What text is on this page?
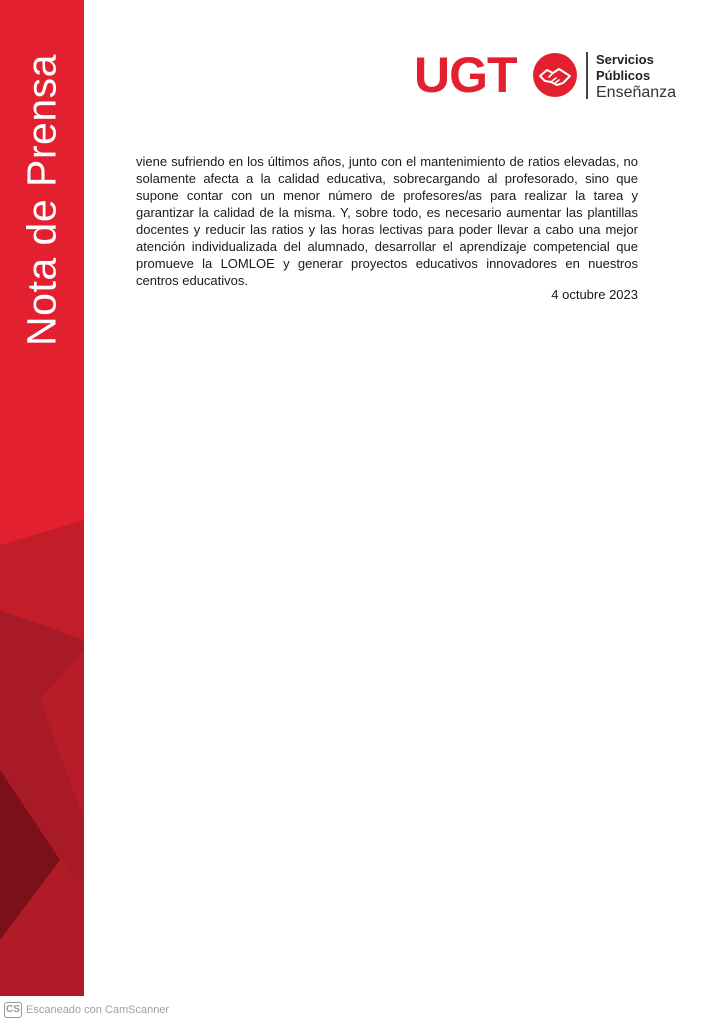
Nota de Prensa	UGT	Servicios
Públicos
Enseñanza

viene sufriendo en los últimos años, junto con el mantenimiento de ratios elevadas, no solamente afecta a la calidad educativa, sobrecargando al profesorado, sino que supone contar con un menor número de profesores/as para realizar la tarea y garantizar la calidad de la misma. Y, sobre todo, es necesario aumentar las plantillas docentes y reducir las ratios y las horas lectivas para poder llevar a cabo una mejor atención individualizada del alumnado, desarrollar el aprendizaje competencial que promueve la LOMLOE y generar proyectos educativos innovadores en nuestros centros educativos.

4 octubre 2023
CS Escaneado con CamScanner
